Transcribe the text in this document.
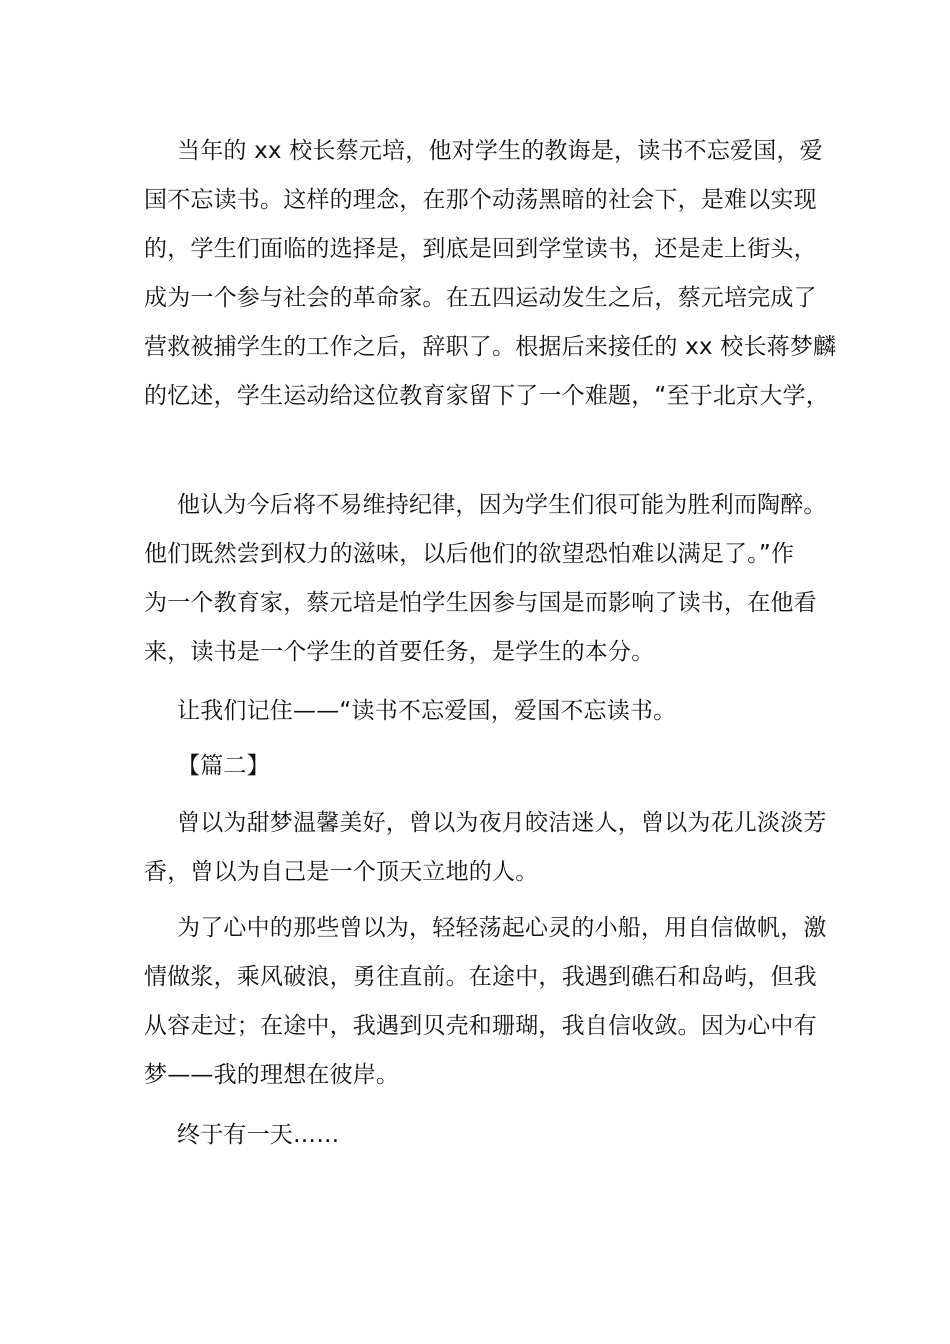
当年的 xx 校长蔡元培，他对学生的教诲是，读书不忘爱国，爱
国不忘读书。这样的理念，在那个动荡黑暗的社会下，是难以实现
的，学生们面临的选择是，到底是回到学堂读书，还是走上街头，
成为一个参与社会的革命家。在五四运动发生之后，蔡元培完成了
营救被捕学生的工作之后，辞职了。根据后来接任的 xx 校长蒋梦麟
的忆述，学生运动给这位教育家留下了一个难题，“至于北京大学，
他认为今后将不易维持纪律，因为学生们很可能为胜利而陶醉。
他们既然尝到权力的滋味，以后他们的欲望恐怕难以满足了。”作
为一个教育家，蔡元培是怕学生因参与国是而影响了读书，在他看
来，读书是一个学生的首要任务，是学生的本分。
让我们记住——“读书不忘爱国，爱国不忘读书。
【篇二】
曾以为甜梦温馨美好，曾以为夜月皎洁迷人，曾以为花儿淡淡芳
香，曾以为自己是一个顶天立地的人。
为了心中的那些曾以为，轻轻荡起心灵的小船，用自信做帆，激
情做浆，乘风破浪，勇往直前。在途中，我遇到礁石和岛屿，但我
从容走过；在途中，我遇到贝壳和珊瑚，我自信收敛。因为心中有
梦——我的理想在彼岸。
终于有一天……
